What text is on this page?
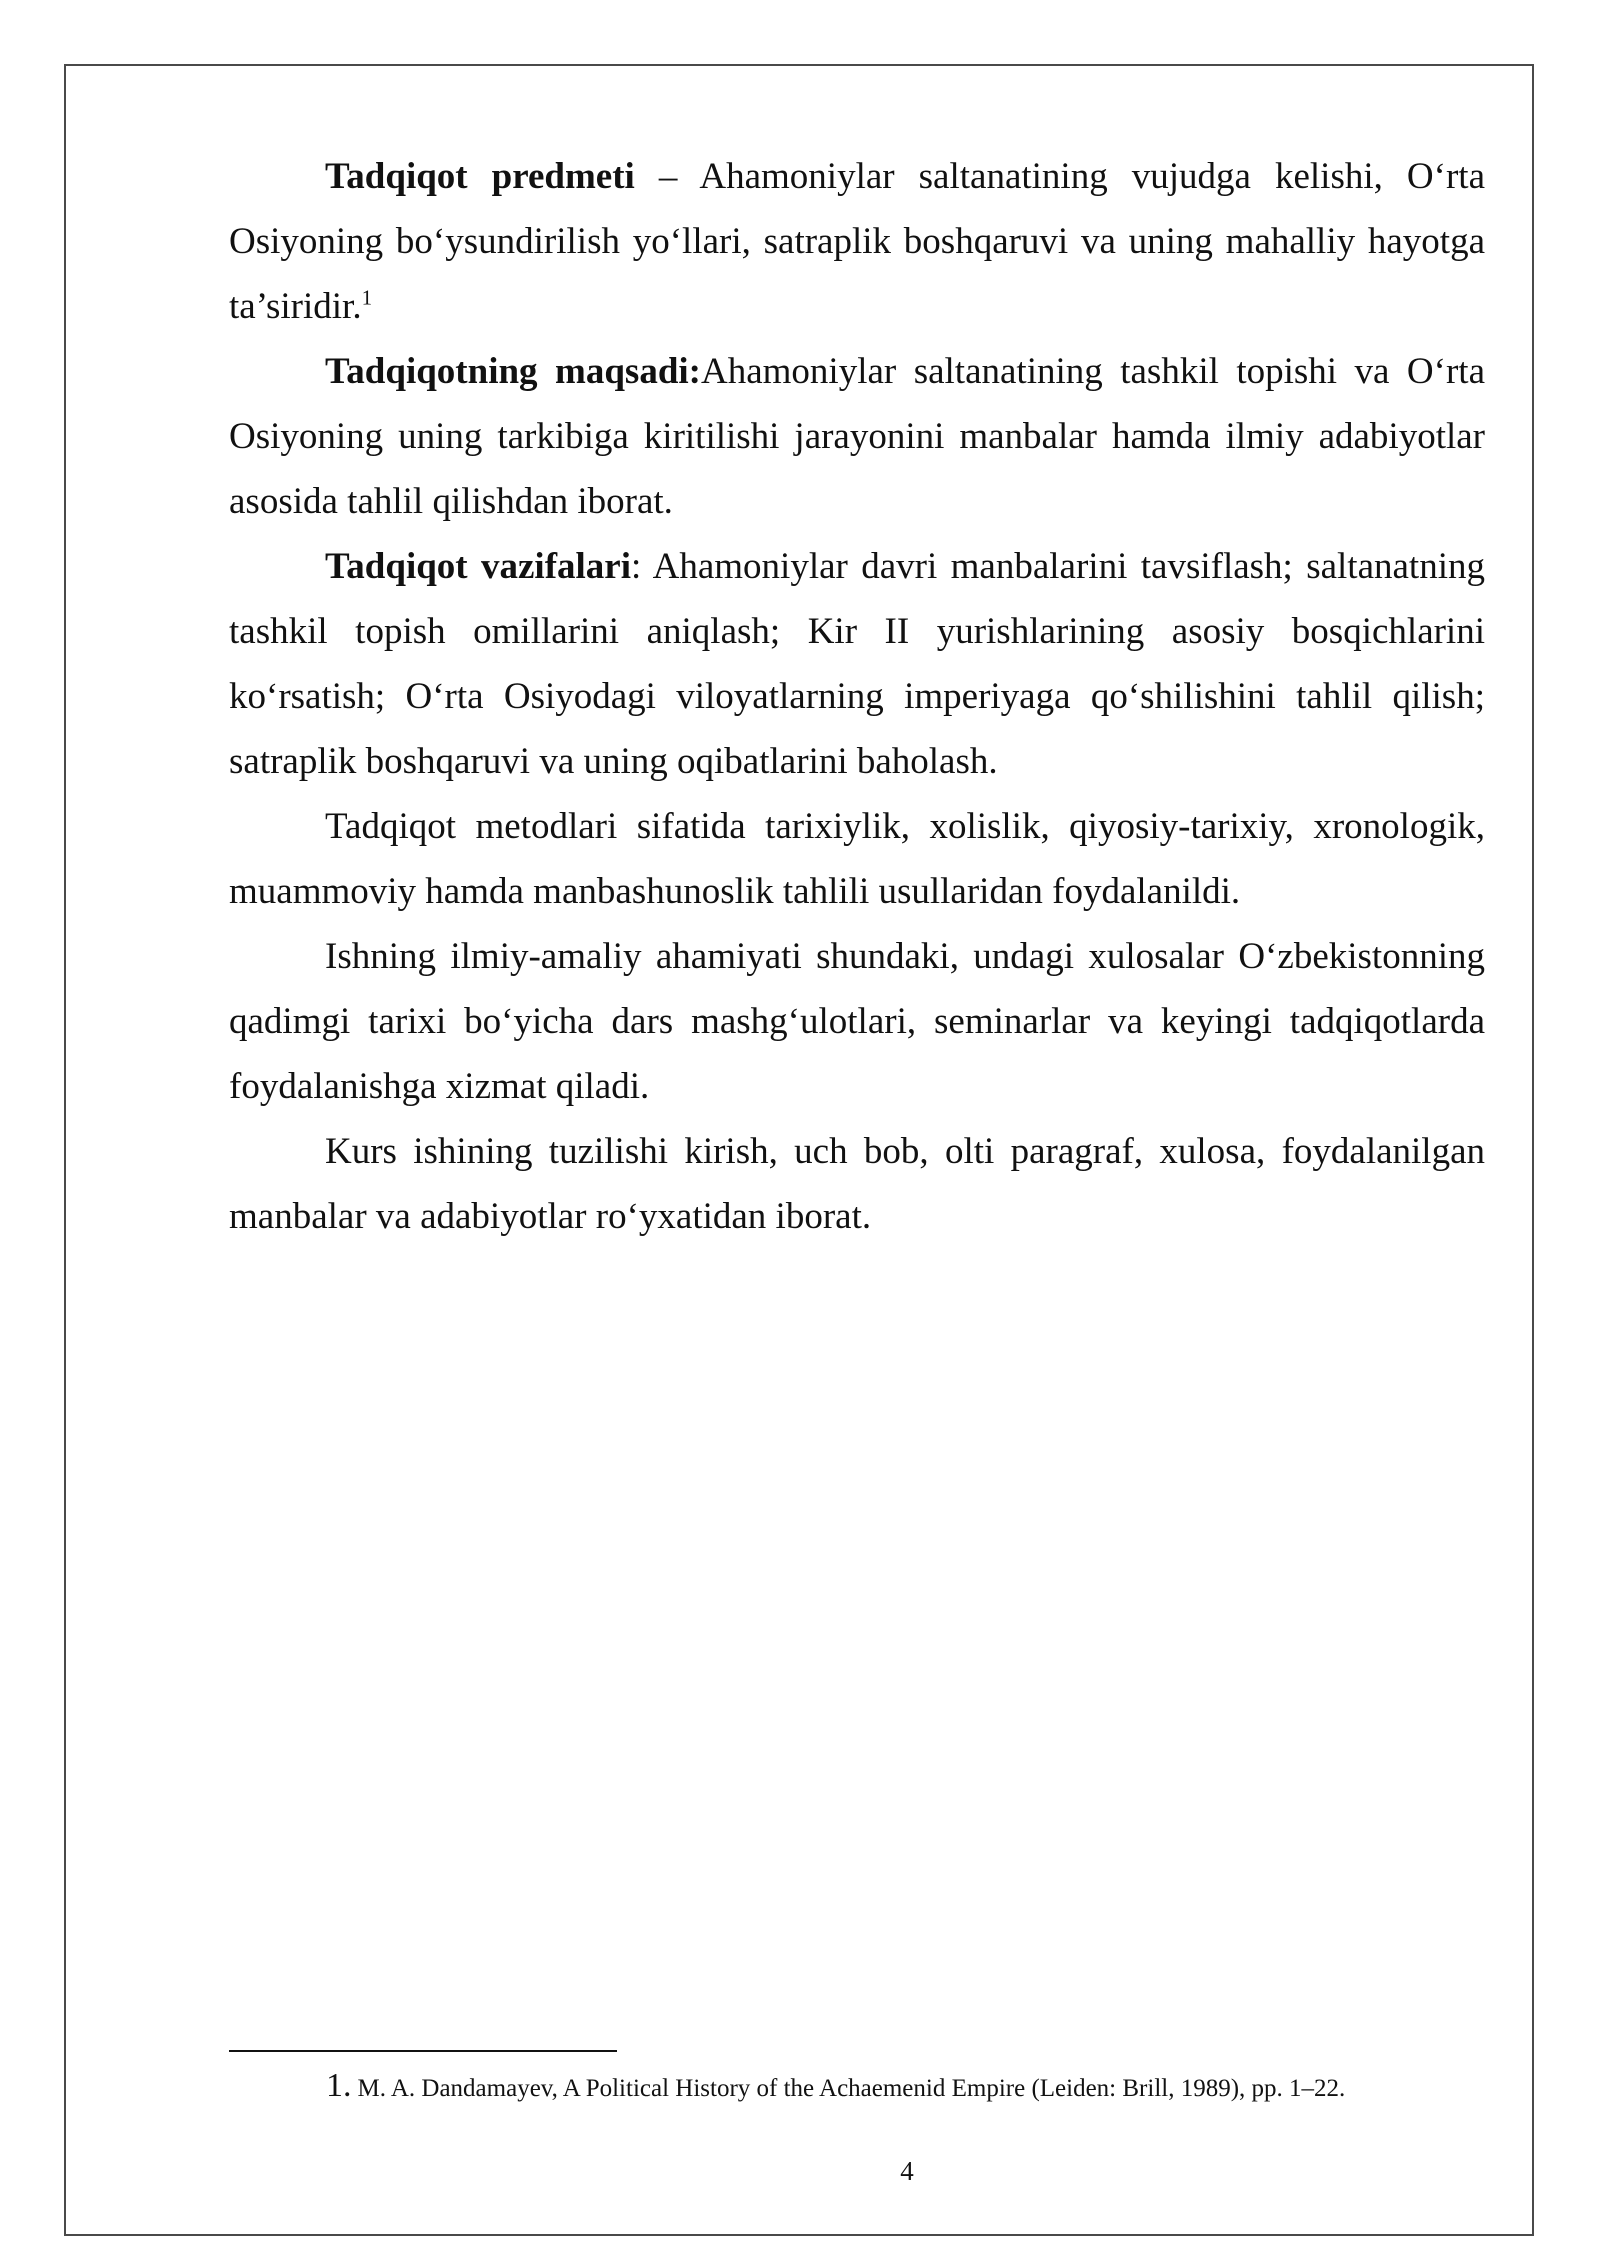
Tadqiqot predmeti – Ahamoniylar saltanatining vujudga kelishi, O‘rta Osiyoning bo‘ysundirilish yo‘llari, satraplik boshqaruvi va uning mahalliy hayotga ta’siridir.$^1$

Tadqiqotning maqsadi:Ahamoniylar saltanatining tashkil topishi va O‘rta Osiyoning uning tarkibiga kiritilishi jarayonini manbalar hamda ilmiy adabiyotlar asosida tahlil qilishdan iborat.

Tadqiqot vazifalari: Ahamoniylar davri manbalarini tavsiflash; saltanatning tashkil topish omillarini aniqlash; Kir II yurishlarining asosiy bosqichlarini ko‘rsatish; O‘rta Osiyodagi viloyatlarning imperiyaga qo‘shilishini tahlil qilish; satraplik boshqaruvi va uning oqibatlarini baholash.

Tadqiqot metodlari sifatida tarixiylik, xolislik, qiyosiy-tarixiy, xronologik, muammoviy hamda manbashunoslik tahlili usullaridan foydalanildi.

Ishning ilmiy-amaliy ahamiyati shundaki, undagi xulosalar O‘zbekistonning qadimgi tarixi bo‘yicha dars mashg‘ulotlari, seminarlar va keyingi tadqiqotlarda foydalanishga xizmat qiladi.

Kurs ishining tuzilishi kirish, uch bob, olti paragraf, xulosa, foydalanilgan manbalar va adabiyotlar ro‘yxatidan iborat.

1. M. A. Dandamayev, A Political History of the Achaemenid Empire (Leiden: Brill, 1989), pp. 1–22.
4
